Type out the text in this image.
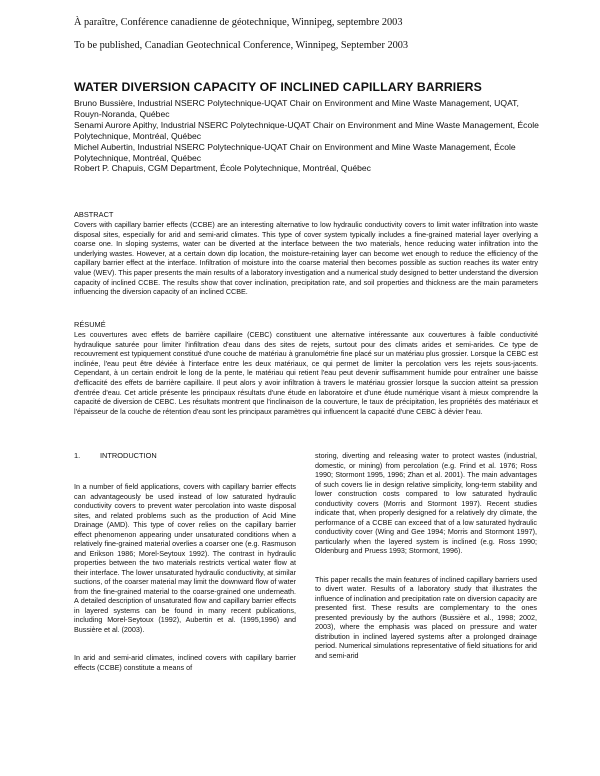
À paraître, Conférence canadienne de géotechnique, Winnipeg, septembre 2003
To be published, Canadian Geotechnical Conference, Winnipeg, September 2003
WATER DIVERSION CAPACITY OF INCLINED CAPILLARY BARRIERS

Bruno Bussière, Industrial NSERC Polytechnique-UQAT Chair on Environment and Mine Waste Management, UQAT, Rouyn-Noranda, Québec

Senami Aurore Apithy, Industrial NSERC Polytechnique-UQAT Chair on Environment and Mine Waste Management, École Polytechnique, Montréal, Québec

Michel Aubertin, Industrial NSERC Polytechnique-UQAT Chair on Environment and Mine Waste Management, École Polytechnique, Montréal, Québec

Robert P. Chapuis, CGM Department, École Polytechnique, Montréal, Québec

ABSTRACT

Covers with capillary barrier effects (CCBE) are an interesting alternative to low hydraulic conductivity covers to limit water infiltration into waste disposal sites, especially for arid and semi-arid climates. This type of cover system typically includes a fine-grained material layer overlying a coarse one. In sloping systems, water can be diverted at the interface between the two materials, hence reducing water infiltration into the underlying wastes. However, at a certain down dip location, the moisture-retaining layer can become wet enough to reduce the efficiency of the capillary barrier effect at the interface. Infiltration of moisture into the coarse material then becomes possible as suction reaches its water entry value (WEV). This paper presents the main results of a laboratory investigation and a numerical study designed to better understand the diversion capacity of inclined CCBE. The results show that cover inclination, precipitation rate, and soil properties and thickness are the main parameters influencing the diversion capacity of an inclined CCBE.

RÉSUMÉ

Les couvertures avec effets de barrière capillaire (CEBC) constituent une alternative intéressante aux couvertures à faible conductivité hydraulique saturée pour limiter l'infiltration d'eau dans des sites de rejets, surtout pour des climats arides et semi-arides. Ce type de recouvrement est typiquement constitué d'une couche de matériau à granulométrie fine placé sur un matériau plus grossier. Lorsque la CEBC est inclinée, l'eau peut être déviée à l'interface entre les deux matériaux, ce qui permet de limiter la percolation vers les rejets sous-jacents. Cependant, à un certain endroit le long de la pente, le matériau qui retient l'eau peut devenir suffisamment humide pour entraîner une baisse d'efficacité des effets de barrière capillaire. Il peut alors y avoir infiltration à travers le matériau grossier lorsque la succion atteint sa pression d'entrée d'eau. Cet article présente les principaux résultats d'une étude en laboratoire et d'une étude numérique visant à mieux comprendre la capacité de diversion de CEBC. Les résultats montrent que l'inclinaison de la couverture, le taux de précipitation, les propriétés des matériaux et l'épaisseur de la couche de rétention d'eau sont les principaux paramètres qui influencent la capacité d'une CEBC à dévier l'eau.

1.	INTRODUCTION

In a number of field applications, covers with capillary barrier effects can advantageously be used instead of low saturated hydraulic conductivity covers to prevent water percolation into waste disposal sites, and related problems such as the production of Acid Mine Drainage (AMD). This type of cover relies on the capillary barrier effect phenomenon appearing under unsaturated conditions when a relatively fine-grained material overlies a coarser one (e.g. Rasmuson and Erikson 1986; Morel-Seytoux 1992). The contrast in hydraulic properties between the two materials restricts vertical water flow at their interface. The lower unsaturated hydraulic conductivity, at similar suctions, of the coarser material may limit the downward flow of water from the fine-grained material to the coarse-grained one underneath. A detailed description of unsaturated flow and capillary barrier effects in layered systems can be found in many recent publications, including Morel-Seytoux (1992), Aubertin et al. (1995,1996) and Bussière et al. (2003).

In arid and semi-arid climates, inclined covers with capillary barrier effects (CCBE) constitute a means of

storing, diverting and releasing water to protect wastes (industrial, domestic, or mining) from percolation (e.g. Frind et al. 1976; Ross 1990; Stormont 1995, 1996; Zhan et al. 2001). The main advantages of such covers lie in design relative simplicity, long-term stability and lower construction costs compared to low saturated hydraulic conductivity covers (Morris and Stormont 1997). Recent studies indicate that, when properly designed for a relatively dry climate, the performance of a CCBE can exceed that of a low saturated hydraulic conductivity cover (Wing and Gee 1994; Morris and Stormont 1997), particularly when the layered system is inclined (e.g. Ross 1990; Oldenburg and Pruess 1993; Stormont, 1996).

This paper recalls the main features of inclined capillary barriers used to divert water. Results of a laboratory study that illustrates the influence of inclination and precipitation rate on diversion capacity are presented first. These results are complementary to the ones presented previously by the authors (Bussière et al., 1998; 2002, 2003), where the emphasis was placed on pressure and water distribution in inclined layered systems after a prolonged drainage period. Numerical simulations representative of field situations for arid and semi-arid
